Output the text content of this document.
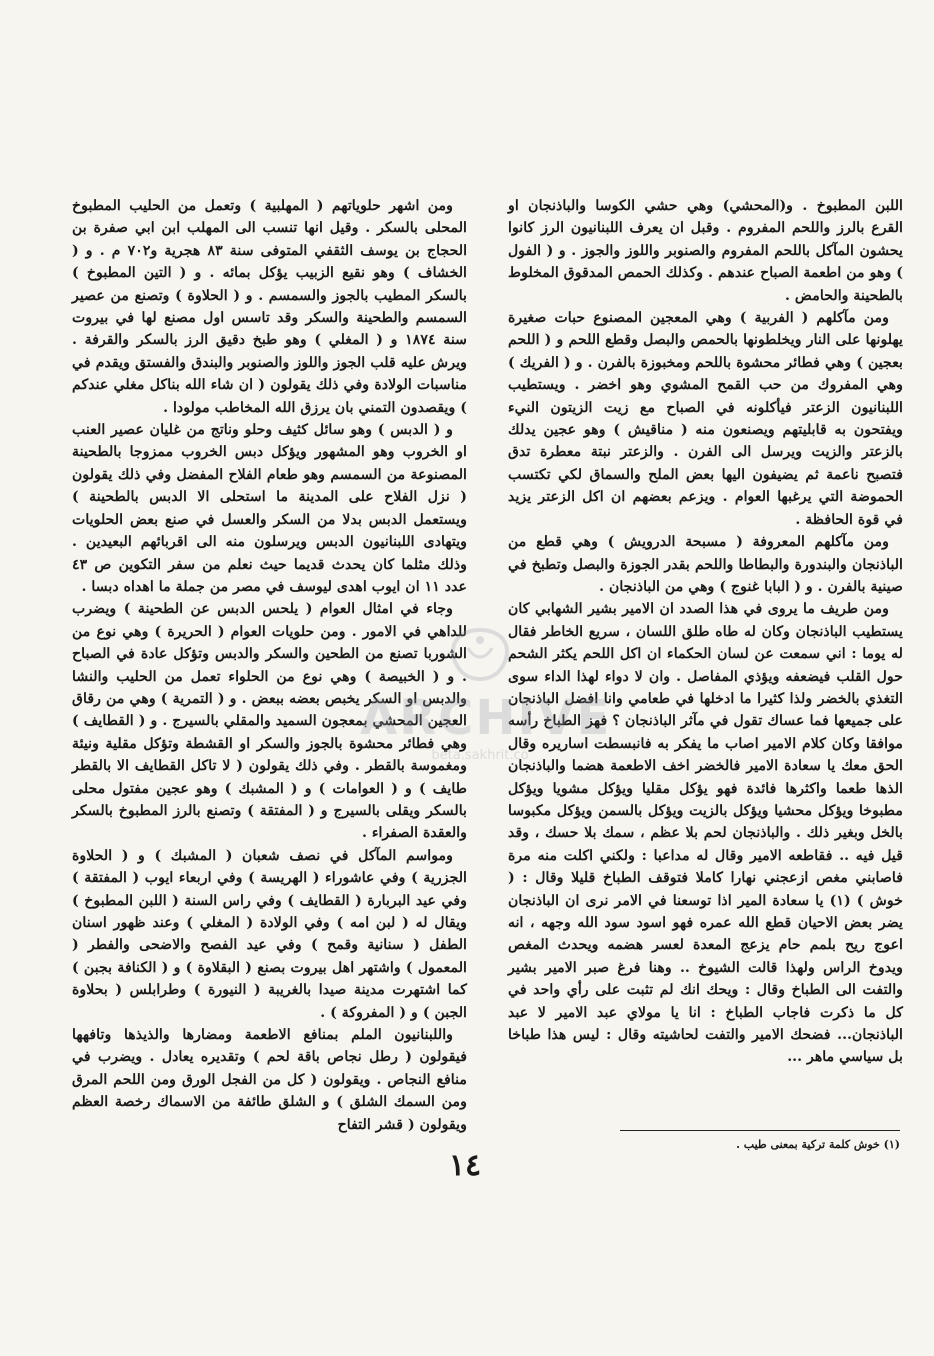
اللبن المطبوخ . و(المحشي) وهي حشي الكوسا والباذنجان او القرع بالرز واللحم المفروم . وقبل ان يعرف اللبنانيون الرز كانوا يحشون المآكل باللحم المفروم والصنوبر واللوز والجوز . و ( الفول ) وهو من اطعمة الصباح عندهم . وكذلك الحمص المدقوق المخلوط بالطحينة والحامض .

ومن مآكلهم ( الفربية ) وهي المعجين المصنوع حبات صغيرة يهلونها على النار ويخلطونها بالحمص والبصل وقطع اللحم و ( اللحم بعجين ) وهي فطائر محشوة باللحم ومخبوزة بالفرن . و ( الفريك ) وهي المفروك من حب القمح المشوي وهو اخضر . ويستطيب اللبنانيون الزعتر فيأكلونه في الصباح مع زيت الزيتون النيء ويفتحون به قابليتهم ويصنعون منه ( مناقيش ) وهو عجين يدلك بالزعتر والزيت ويرسل الى الفرن . والزعتر نبتة معطرة تدق فتصبح ناعمة ثم يضيفون اليها بعض الملح والسماق لكي تكتسب الحموضة التي يرغبها العوام . ويزعم بعضهم ان اكل الزعتر يزيد في قوة الحافظة .

ومن مآكلهم المعروفة ( مسبحة الدرويش ) وهي قطع من الباذنجان والبندورة والبطاطا واللحم بقدر الجوزة والبصل وتطبخ في صينية بالفرن . و ( البابا غنوج ) وهي من الباذنجان .

ومن طريف ما يروى في هذا الصدد ان الامير بشير الشهابي كان يستطيب الباذنجان وكان له طاه طلق اللسان ، سريع الخاطر فقال له يوما : اني سمعت عن لسان الحكماء ان اكل اللحم يكثر الشحم حول القلب فيضعفه ويؤذي المفاصل . وان لا دواء لهذا الداء سوى التغذي بالخضر ولذا كثيرا ما ادخلها في طعامي وانا افضل الباذنجان على جميعها فما عساك تقول في مآثر الباذنجان ؟ فهز الطباخ رأسه موافقا وكان كلام الامير اصاب ما يفكر به فانبسطت اساريره وقال الحق معك يا سعادة الامير فالخضر اخف الاطعمة هضما والباذنجان الذها طعما واكثرها فائدة فهو يؤكل مقليا ويؤكل مشويا ويؤكل مطبوخا ويؤكل محشيا ويؤكل بالزيت ويؤكل بالسمن ويؤكل مكبوسا بالخل وبغير ذلك . والباذنجان لحم بلا عظم ، سمك بلا حسك ، وقد قيل فيه .. فقاطعه الامير وقال له مداعبا : ولكني اكلت منه مرة فاصابني مغص ازعجني نهارا كاملا فتوقف الطباخ قليلا وقال : ( خوش ) (١) يا سعادة المير اذا توسعنا في الامر نرى ان الباذنجان يضر بعض الاحيان قطع الله عمره فهو اسود سود الله وجهه ، انه اعوج ريح بلمم حام يزعج المعدة لعسر هضمه ويحدث المغص ويدوخ الراس ولهذا قالت الشيوخ .. وهنا فرغ صبر الامير بشير والتفت الى الطباخ وقال : ويحك انك لم تثبت على رأي واحد في كل ما ذكرت فاجاب الطباخ : انا يا مولاي عبد الامير لا عبد الباذنجان... فضحك الامير والتفت لحاشيته وقال : ليس هذا طباخا بل سياسي ماهر ...

ومن اشهر حلوياتهم ( المهلبية ) وتعمل من الحليب المطبوخ المحلى بالسكر . وقيل انها تنسب الى المهلب ابن ابي صفرة بن الحجاج بن يوسف الثقفي المتوفى سنة ٨٣ هجرية و٧٠٢ م . و ( الخشاف ) وهو نقيع الزبيب يؤكل بمائه . و ( التين المطبوخ ) بالسكر المطيب بالجوز والسمسم . و ( الحلاوة ) وتصنع من عصير السمسم والطحينة والسكر وقد تاسس اول مصنع لها في بيروت سنة ١٨٧٤ و ( المغلي ) وهو طبخ دقيق الرز بالسكر والقرفة . ويرش عليه قلب الجوز واللوز والصنوبر والبندق والفستق ويقدم في مناسبات الولادة وفي ذلك يقولون ( ان شاء الله بناكل مغلي عندكم ) ويقصدون التمني بان يرزق الله المخاطب مولودا .

و ( الدبس ) وهو سائل كثيف وحلو وناتج من غليان عصير العنب او الخروب وهو المشهور ويؤكل دبس الخروب ممزوجا بالطحينة المصنوعة من السمسم وهو طعام الفلاح المفضل وفي ذلك يقولون ( نزل الفلاح على المدينة ما استحلى الا الدبس بالطحينة ) ويستعمل الدبس بدلا من السكر والعسل في صنع بعض الحلويات ويتهادى اللبنانيون الدبس ويرسلون منه الى اقربائهم البعيدين . وذلك مثلما كان يحدث قديما حيث نعلم من سفر التكوين ص ٤٣ عدد ١١ ان ايوب اهدى ليوسف في مصر من جملة ما اهداه دبسا .

وجاء في امثال العوام ( يلحس الدبس عن الطحينة ) ويضرب للداهي في الامور . ومن حلويات العوام ( الحريرة ) وهي نوع من الشوربا تصنع من الطحين والسكر والدبس وتؤكل عادة في الصباح . و ( الخبيصة ) وهي نوع من الحلواء تعمل من الحليب والنشا والدبس او السكر يخبص بعضه ببعض . و ( التمرية ) وهي من رقاق العجين المحشي بمعجون السميد والمقلي بالسيرج . و ( القطايف ) وهي فطائر محشوة بالجوز والسكر او القشطة وتؤكل مقلية ونيئة ومغموسة بالقطر . وفي ذلك يقولون ( لا تاكل القطايف الا بالقطر طايف ) و ( العوامات ) و ( المشبك ) وهو عجين مفتول محلى بالسكر ويقلى بالسيرج و ( المفتقة ) وتصنع بالرز المطبوخ بالسكر والعقدة الصفراء .

ومواسم المآكل في نصف شعبان ( المشبك ) و ( الحلاوة الجزرية ) وفي عاشوراء ( الهريسة ) وفي اربعاء ايوب ( المفتقة ) وفي عيد البربارة ( القطايف ) وفي راس السنة ( اللبن المطبوخ ) ويقال له ( لبن امه ) وفي الولادة ( المغلي ) وعند ظهور اسنان الطفل ( سنانية وقمح ) وفي عيد الفصح والاضحى والفطر ( المعمول ) واشتهر اهل بيروت بصنع ( البقلاوة ) و ( الكنافة بجبن ) كما اشتهرت مدينة صيدا بالغريبة ( النيورة ) وطرابلس ( بحلاوة الجبن ) و ( المفروكة ) .

واللبنانيون الملم بمنافع الاطعمة ومضارها والذيذها وتافهها فيقولون ( رطل نجاص باقة لحم ) وتقديره يعادل . ويضرب في منافع النجاص . ويقولون ( كل من الفجل الورق ومن اللحم المرق ومن السمك الشلق ) و الشلق طائفة من الاسماك رخصة العظم ويقولون ( قشر التفاح

(١) خوش كلمة تركية بمعنى طيب .
١٤
ARCHIVE
beta.sakhrit.co
